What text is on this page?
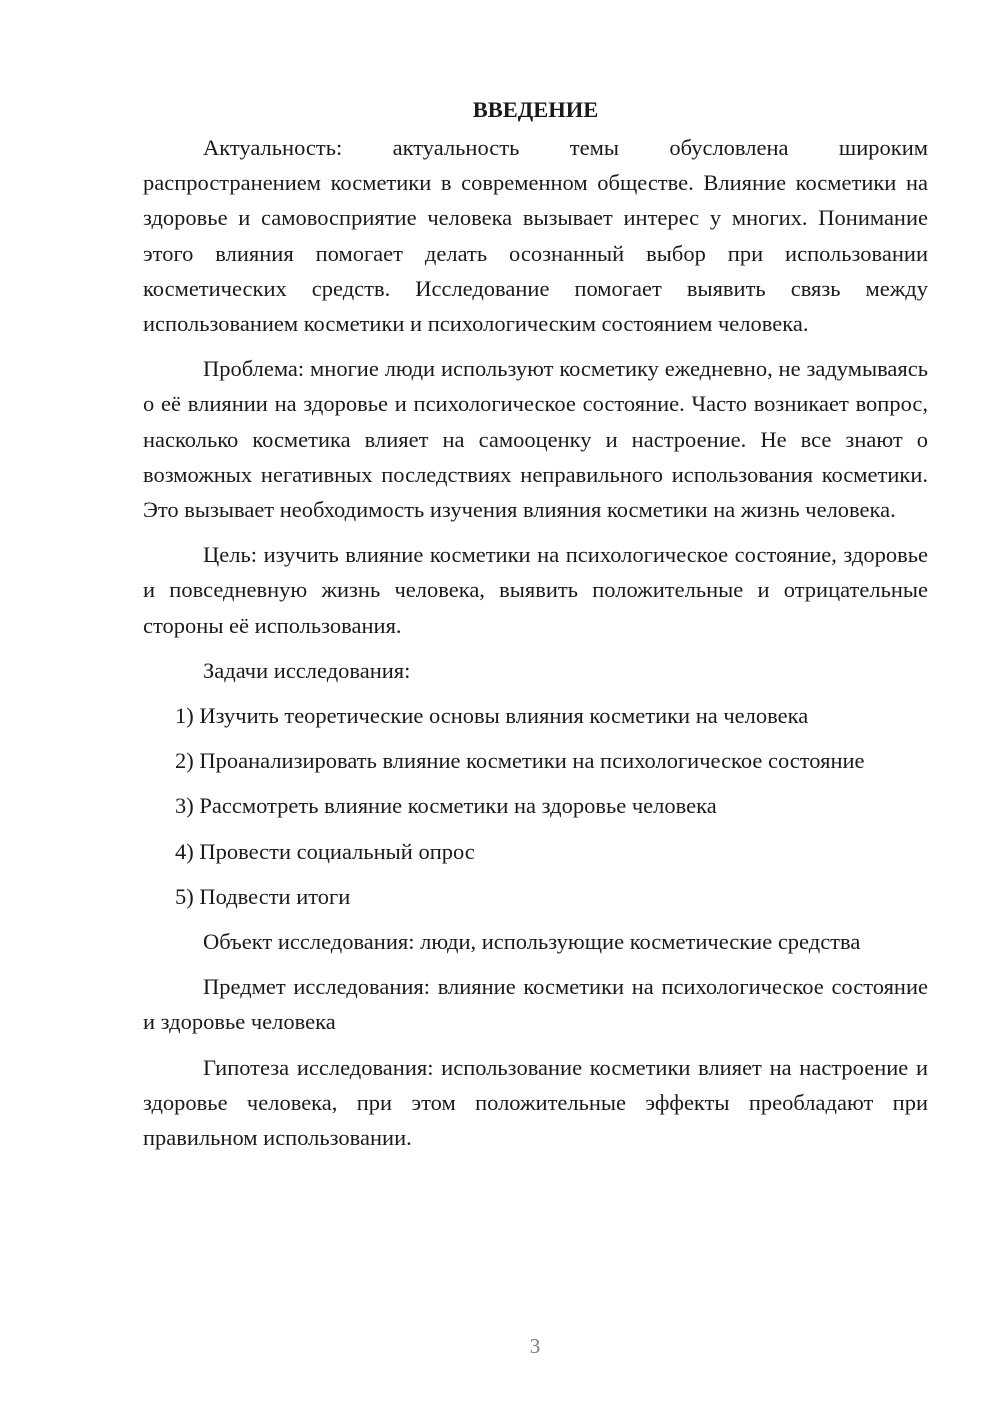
ВВЕДЕНИЕ

Актуальность: актуальность темы обусловлена широким распространением косметики в современном обществе. Влияние косметики на здоровье и самовосприятие человека вызывает интерес у многих. Понимание этого влияния помогает делать осознанный выбор при использовании косметических средств. Исследование помогает выявить связь между использованием косметики и психологическим состоянием человека.

Проблема: многие люди используют косметику ежедневно, не задумываясь о её влиянии на здоровье и психологическое состояние. Часто возникает вопрос, насколько косметика влияет на самооценку и настроение. Не все знают о возможных негативных последствиях неправильного использования косметики. Это вызывает необходимость изучения влияния косметики на жизнь человека.

Цель: изучить влияние косметики на психологическое состояние, здоровье и повседневную жизнь человека, выявить положительные и отрицательные стороны её использования.

Задачи исследования:

1) Изучить теоретические основы влияния косметики на человека

2) Проанализировать влияние косметики на психологическое состояние

3) Рассмотреть влияние косметики на здоровье человека

4) Провести социальный опрос

5) Подвести итоги

Объект исследования: люди, использующие косметические средства

Предмет исследования: влияние косметики на психологическое состояние и здоровье человека

Гипотеза исследования: использование косметики влияет на настроение и здоровье человека, при этом положительные эффекты преобладают при правильном использовании.

3
